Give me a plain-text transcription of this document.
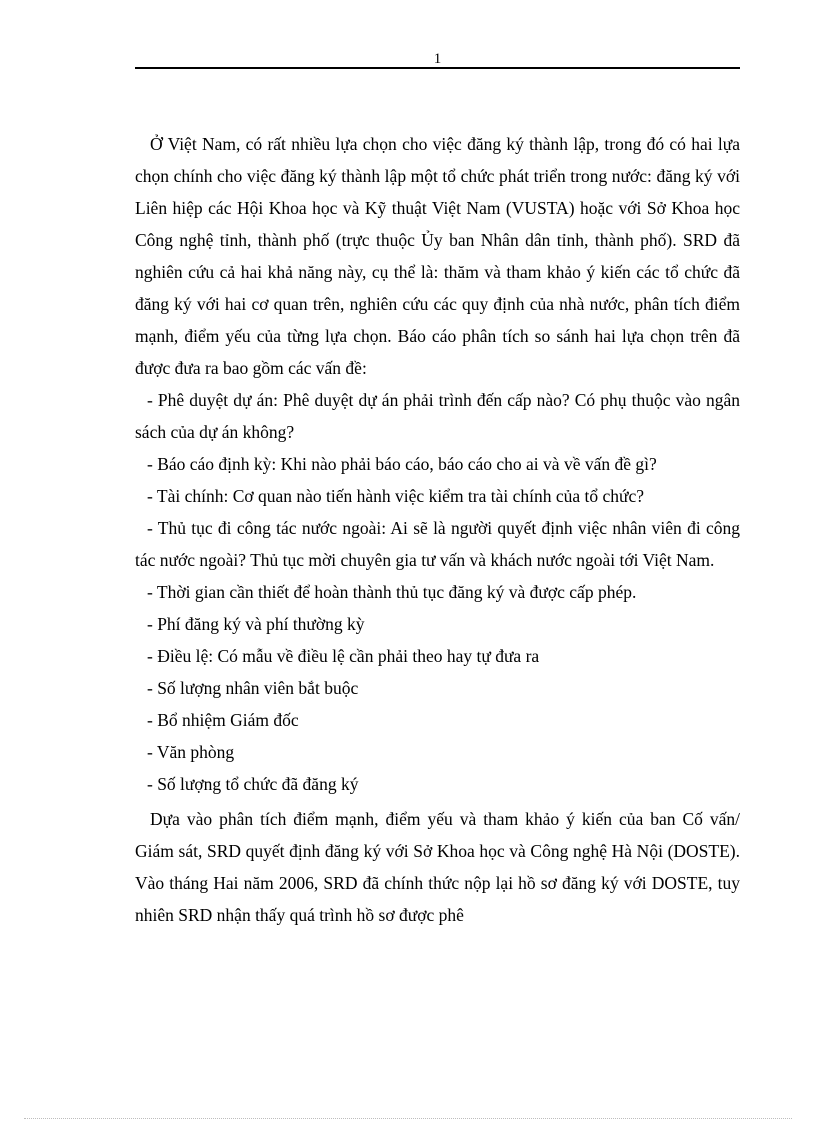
1

Ở Việt Nam, có rất nhiều lựa chọn cho việc đăng ký thành lập, trong đó có hai lựa chọn chính cho việc đăng ký thành lập một tổ chức phát triển trong nước: đăng ký với Liên hiệp các Hội Khoa học và Kỹ thuật Việt Nam (VUSTA) hoặc với Sở Khoa học Công nghệ tỉnh, thành phố (trực thuộc Ủy ban Nhân dân tỉnh, thành phố). SRD đã nghiên cứu cả hai khả năng này, cụ thể là: thăm và tham khảo ý kiến các tổ chức đã đăng ký với hai cơ quan trên, nghiên cứu các quy định của nhà nước, phân tích điểm mạnh, điểm yếu của từng lựa chọn. Báo cáo phân tích so sánh hai lựa chọn trên đã được đưa ra bao gồm các vấn đề:

- Phê duyệt dự án: Phê duyệt dự án phải trình đến cấp nào? Có phụ thuộc vào ngân sách của dự án không?

- Báo cáo định kỳ: Khi nào phải báo cáo, báo cáo cho ai và về vấn đề gì?

- Tài chính: Cơ quan nào tiến hành việc kiểm tra tài chính của tổ chức?

- Thủ tục đi công tác nước ngoài: Ai sẽ là người quyết định việc nhân viên đi công tác nước ngoài? Thủ tục mời chuyên gia tư vấn và khách nước ngoài tới Việt Nam.

- Thời gian cần thiết để hoàn thành thủ tục đăng ký và được cấp phép.

- Phí đăng ký và phí thường kỳ

- Điều lệ: Có mẫu về điều lệ cần phải theo hay tự đưa ra

- Số lượng nhân viên bắt buộc

- Bổ nhiệm Giám đốc

- Văn phòng

- Số lượng tổ chức đã đăng ký

Dựa vào phân tích điểm mạnh, điểm yếu và tham khảo ý kiến của ban Cố vấn/ Giám sát, SRD quyết định đăng ký với Sở Khoa học và Công nghệ Hà Nội (DOSTE). Vào tháng Hai năm 2006, SRD đã chính thức nộp lại hồ sơ đăng ký với DOSTE, tuy nhiên SRD nhận thấy quá trình hồ sơ được phê
